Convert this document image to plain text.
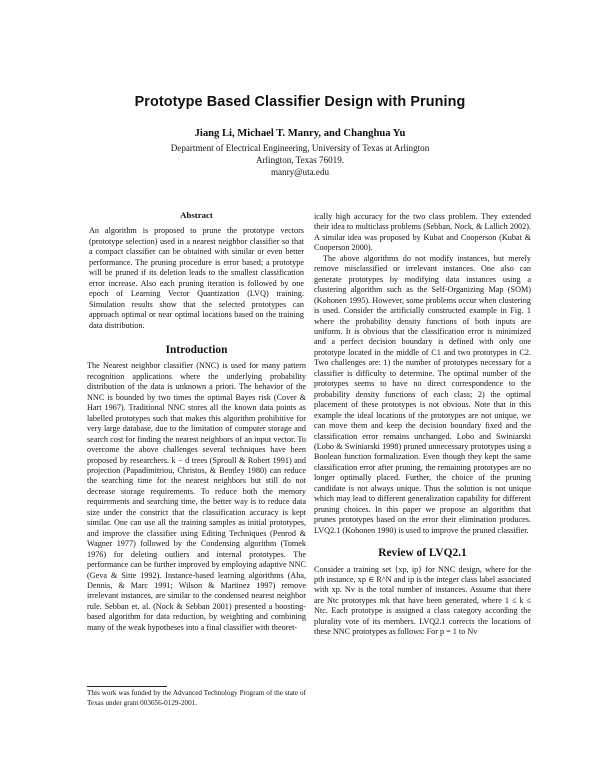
Prototype Based Classifier Design with Pruning
Jiang Li, Michael T. Manry, and Changhua Yu
Department of Electrical Engineering, University of Texas at Arlington
Arlington, Texas 76019.
manry@uta.edu
Abstract

An algorithm is proposed to prune the prototype vectors (prototype selection) used in a nearest neighbor classifier so that a compact classifier can be obtained with similar or even better performance. The pruning procedure is error based; a prototype will be pruned if its deletion leads to the smallest classification error increase. Also each pruning iteration is followed by one epoch of Learning Vector Quantization (LVQ) training. Simulation results show that the selected prototypes can approach optimal or near optimal locations based on the training data distribution.

Introduction

The Nearest neighbor classifier (NNC) is used for many pattern recognition applications where the underlying probability distribution of the data is unknown a priori. The behavior of the NNC is bounded by two times the optimal Bayes risk (Cover & Hart 1967). Traditional NNC stores all the known data points as labelled prototypes such that makes this algorithm prohibitive for very large database, due to the limitation of computer storage and search cost for finding the nearest neighbors of an input vector. To overcome the above challenges several techniques have been proposed by researchers. k − d trees (Sproull & Robert 1991) and projection (Papadimitriou, Christos, & Bentley 1980) can reduce the searching time for the nearest neighbors but still do not decrease storage requirements. To reduce both the memory requirements and searching time, the better way is to reduce data size under the constrict that the classification accuracy is kept similar. One can use all the training samples as initial prototypes, and improve the classifier using Editing Techniques (Penrod & Wagner 1977) followed by the Condensing algorithm (Tomek 1976) for deleting outliers and internal prototypes. The performance can be further improved by employing adaptive NNC (Geva & Sitte 1992). Instance-based learning algorithms (Aha, Dennis, & Marc 1991; Wilson & Martinez 1997) remove irrelevant instances, are similar to the condensed nearest neighbor rule. Sebban et. al. (Nock & Sebban 2001) presented a boosting-based algorithm for data reduction, by weighting and combining many of the weak hypotheses into a final classifier with theoret-

ically high accuracy for the two class problem. They extended their idea to multiclass problems (Sebban, Nock, & Lallich 2002). A similar idea was proposed by Kubat and Cooperson (Kubat & Cooperson 2000).

The above algorithms do not modify instances, but merely remove misclassified or irrelevant instances. One also can generate prototypes by modifying data instances using a clustering algorithm such as the Self-Organizing Map (SOM) (Kohonen 1995). However, some problems occur when clustering is used. Consider the artificially constructed example in Fig. 1 where the probability density functions of both inputs are uniform. It is obvious that the classification error is minimized and a perfect decision boundary is defined with only one prototype located in the middle of C1 and two prototypes in C2. Two challenges are: 1) the number of prototypes necessary for a classifier is difficulty to determine. The optimal number of the prototypes seems to have no direct correspondence to the probability density functions of each class; 2) the optimal placement of these prototypes is not obvious. Note that in this example the ideal locations of the prototypes are not unique, we can move them and keep the decision boundary fixed and the classification error remains unchanged. Lobo and Swiniarski (Lobo & Swiniarski 1998) pruned unnecessary prototypes using a Boolean function formalization. Even though they kept the same classification error after pruning, the remaining prototypes are no longer optimally placed. Further, the choice of the pruning candidate is not always unique. Thus the solution is not unique which may lead to different generalization capability for different pruning choices. In this paper we propose an algorithm that prunes prototypes based on the error their elimination produces. LVQ2.1 (Kohonen 1990) is used to improve the pruned classifier.

Review of LVQ2.1

Consider a training set {xp, ip} for NNC design, where for the pth instance, xp ∈ R^N and ip is the integer class label associated with xp. Nv is the total number of instances. Assume that there are Ntc prototypes mk that have been generated, where 1 ≤ k ≤ Ntc. Each prototype is assigned a class category according the plurality vote of its members. LVQ2.1 corrects the locations of these NNC prototypes as follows: For p = 1 to Nv

This work was funded by the Advanced Technology Program of the state of Texas under grant 003656-0129-2001.
